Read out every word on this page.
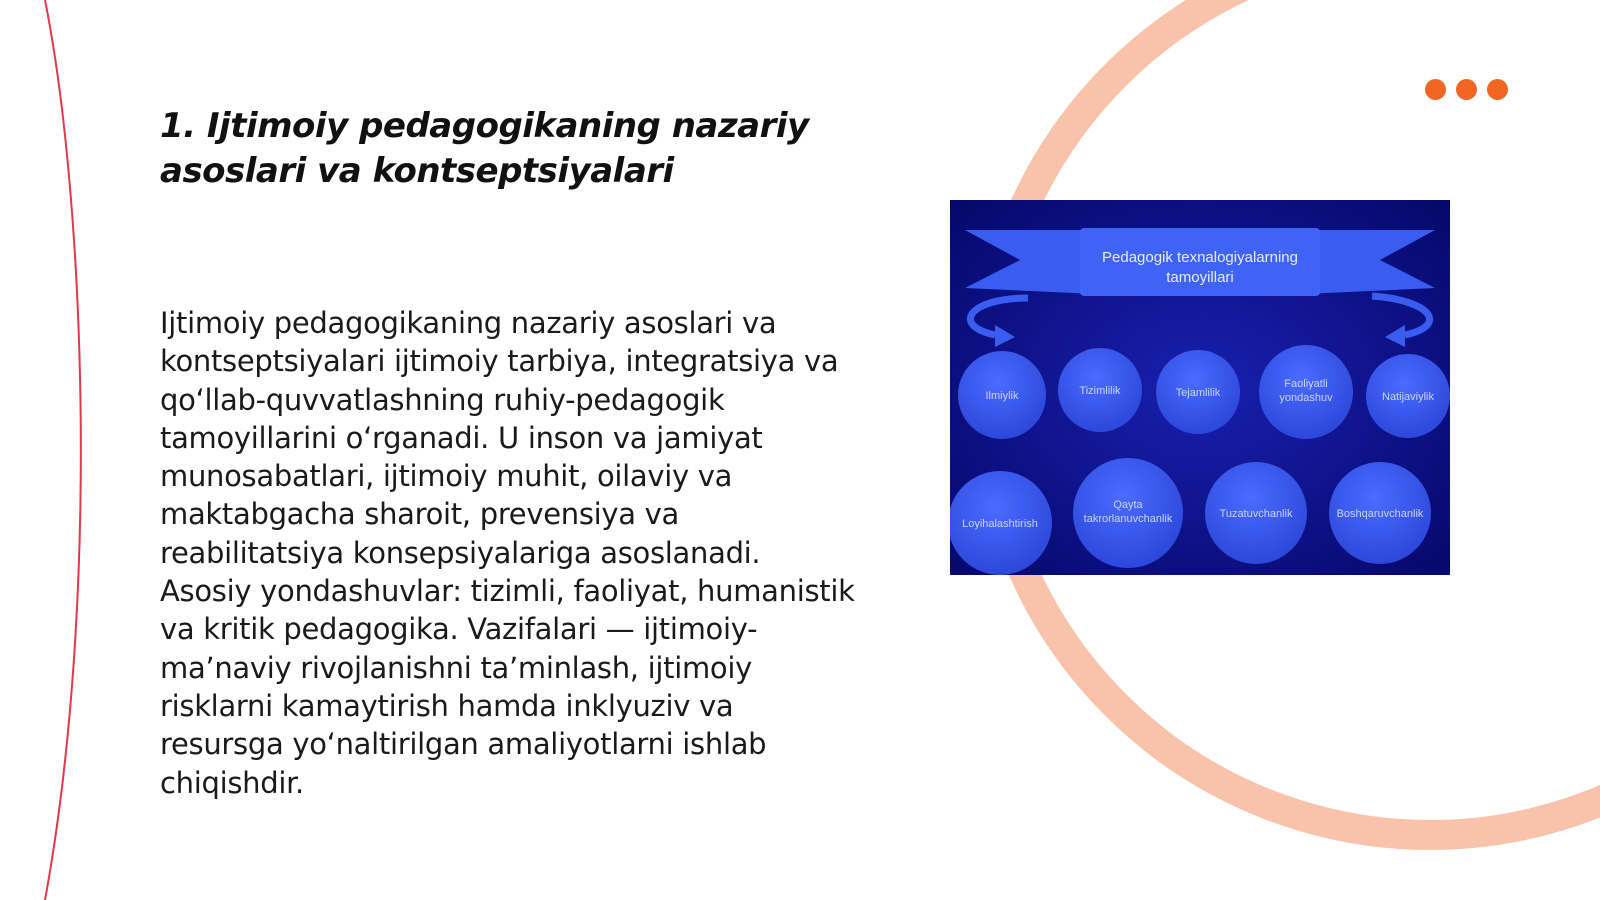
1. Ijtimoiy pedagogikaning nazariy asoslari va kontseptsiyalari

Ijtimoiy pedagogikaning nazariy asoslari va kontseptsiyalari ijtimoiy tarbiya, integratsiya va qoʻllab-quvvatlashning ruhiy-pedagogik tamoyillarini oʻrganadi. U inson va jamiyat munosabatlari, ijtimoiy muhit, oilaviy va maktabgacha sharoit, prevensiya va reabilitatsiya konsepsiyalariga asoslanadi. Asosiy yondashuvlar: tizimli, faoliyat, humanistik va kritik pedagogika. Vazifalari — ijtimoiy-maʼnaviy rivojlanishni taʼminlash, ijtimoiy risklarni kamaytirish hamda inklyuziv va resursga yoʻnaltirilgan amaliyotlarni ishlab chiqishdir.

Pedagogik texnalogiyalarning
tamoyillari
Ilmiylik	Tizimlilik	Tejamlilik
Faoliyatli
yondashuv	Natijaviylik
Loyihalashtirish
Qayta
takrorlanuvchanlik	Tuzatuvchanlik	Boshqaruvchanlik
